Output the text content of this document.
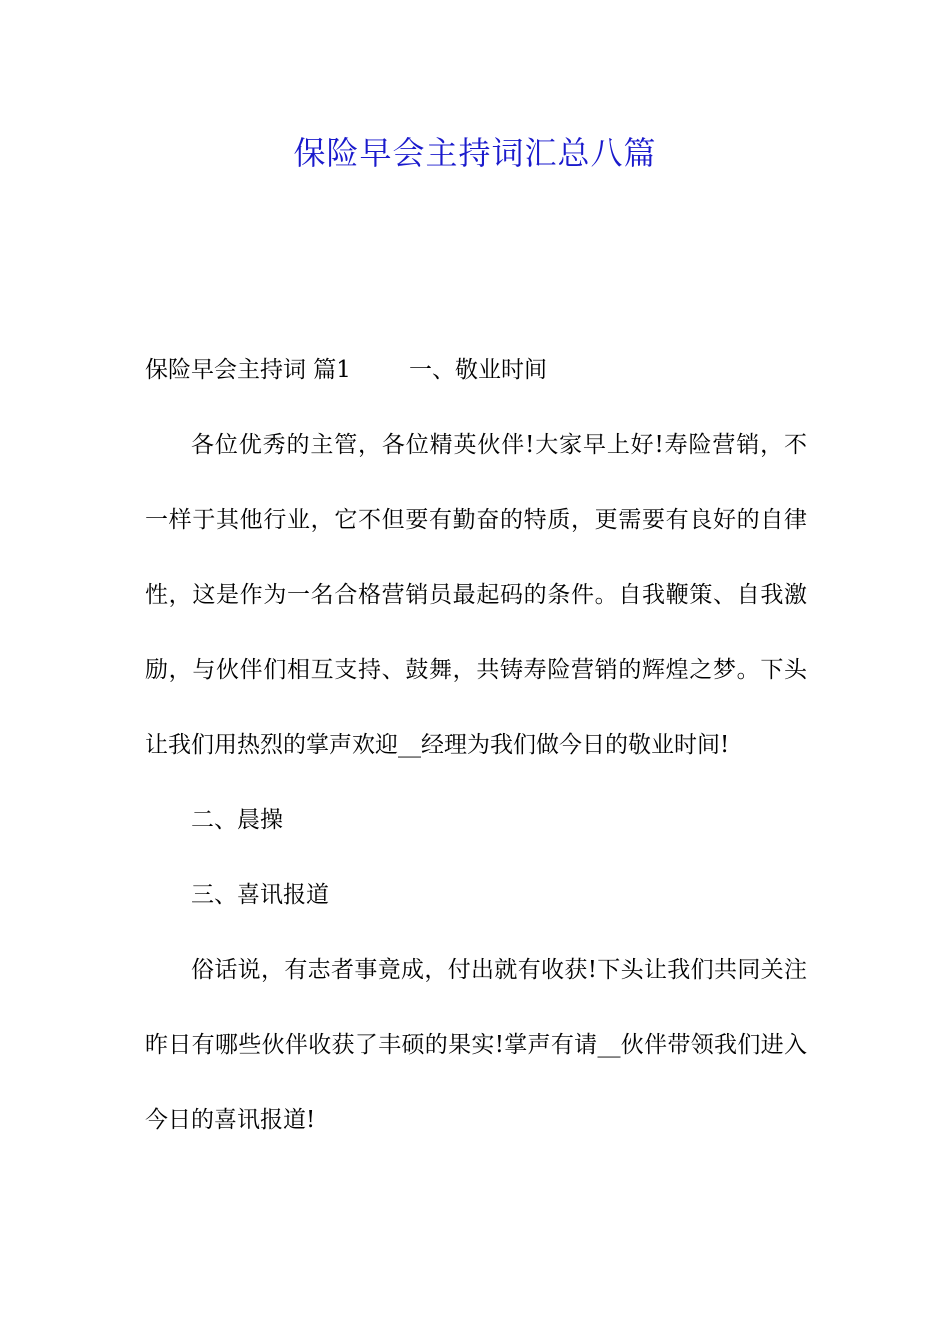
保险早会主持词汇总八篇

保险早会主持词 篇1	一、敬业时间

各位优秀的主管，各位精英伙伴!大家早上好!寿险营销，不一样于其他行业，它不但要有勤奋的特质，更需要有良好的自律性，这是作为一名合格营销员最起码的条件。自我鞭策、自我激励，与伙伴们相互支持、鼓舞，共铸寿险营销的辉煌之梦。下头让我们用热烈的掌声欢迎__经理为我们做今日的敬业时间!

二、晨操

三、喜讯报道

俗话说，有志者事竟成，付出就有收获!下头让我们共同关注昨日有哪些伙伴收获了丰硕的果实!掌声有请__伙伴带领我们进入今日的喜讯报道!
